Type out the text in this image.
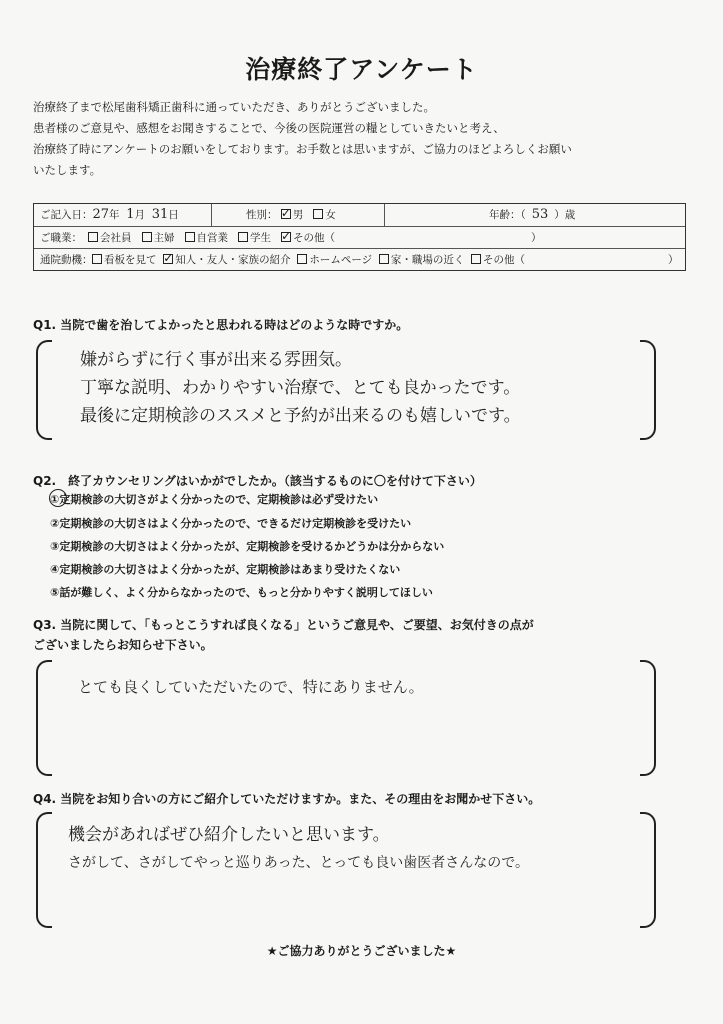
治療終了アンケート
治療終了まで松尾歯科矯正歯科に通っていただき、ありがとうございました。
患者様のご意見や、感想をお聞きすることで、今後の医院運営の糧としていきたいと考え、
治療終了時にアンケートのお願いをしております。お手数とは思いますが、ご協力のほどよろしくお願い
いたします。
ご記入日：27年 1月 31日	性別： ✓ 男 女	年齢：（ 53 ）歳
ご職業：	会社員 主婦 自営業 学生 ✓ その他（	）
通院動機：	看板を見て ✓ 知人・友人・家族の紹介 ホームページ 家・職場の近く その他（	）
Q1. 当院で歯を治してよかったと思われる時はどのような時ですか。
嫌がらずに行く事が出来る雰囲気。
丁寧な説明、わかりやすい治療で、とても良かったです。
最後に定期検診のススメと予約が出来るのも嬉しいです。
Q2.　終了カウンセリングはいかがでしたか。（該当するものに〇を付けて下さい）
①定期検診の大切さがよく分かったので、定期検診は必ず受けたい
②定期検診の大切さはよく分かったので、できるだけ定期検診を受けたい
③定期検診の大切さはよく分かったが、定期検診を受けるかどうかは分からない
④定期検診の大切さはよく分かったが、定期検診はあまり受けたくない
⑤話が難しく、よく分からなかったので、もっと分かりやすく説明してほしい
Q3. 当院に関して、「もっとこうすれば良くなる」というご意見や、ご要望、お気付きの点が
ございましたらお知らせ下さい。
とても良くしていただいたので、特にありません。
Q4. 当院をお知り合いの方にご紹介していただけますか。また、その理由をお聞かせ下さい。
機会があればぜひ紹介したいと思います。
さがして、さがしてやっと巡りあった、とっても良い歯医者さんなので。
★ご協力ありがとうございました★
